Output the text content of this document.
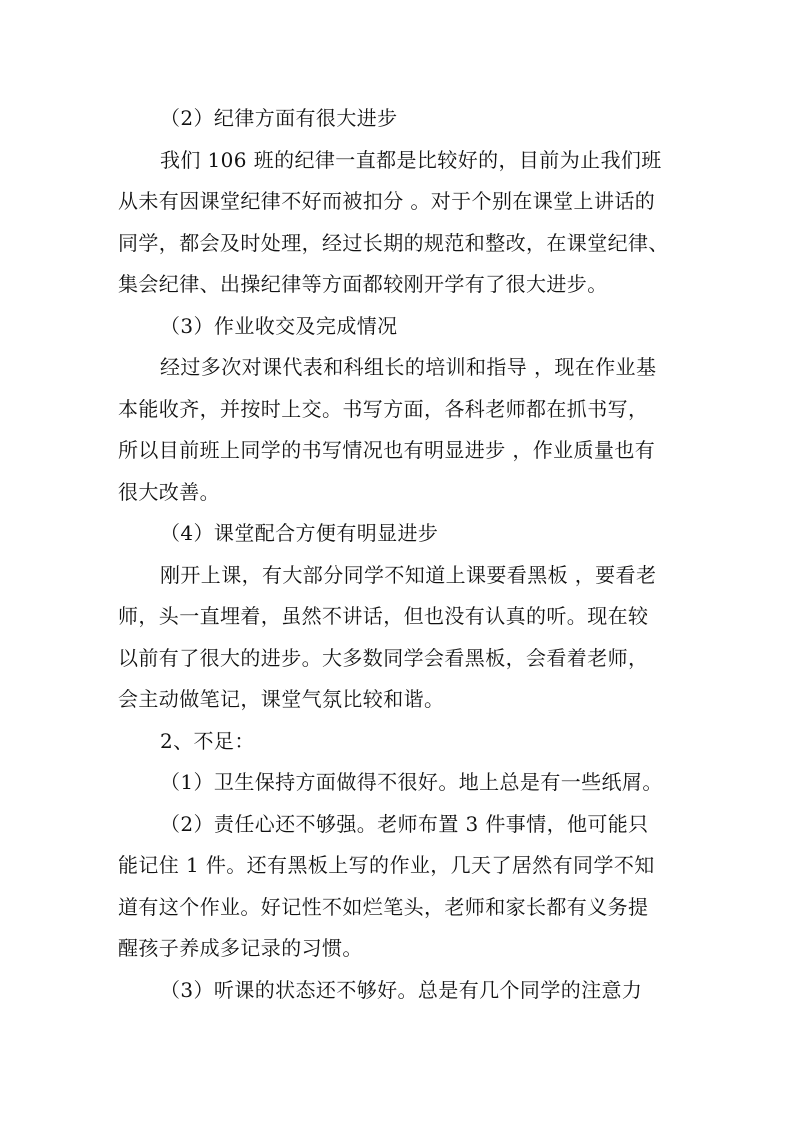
（2）纪律方面有很大进步
我们 106 班的纪律一直都是比较好的，目前为止我们班
从未有因课堂纪律不好而被扣分 。对于个别在课堂上讲话的
同学，都会及时处理，经过长期的规范和整改，在课堂纪律、
集会纪律、出操纪律等方面都较刚开学有了很大进步。
（3）作业收交及完成情况
经过多次对课代表和科组长的培训和指导 ，现在作业基
本能收齐，并按时上交。书写方面，各科老师都在抓书写，
所以目前班上同学的书写情况也有明显进步 ，作业质量也有
很大改善。
（4）课堂配合方便有明显进步
刚开上课，有大部分同学不知道上课要看黑板 ，要看老
师，头一直埋着，虽然不讲话，但也没有认真的听。现在较
以前有了很大的进步。大多数同学会看黑板，会看着老师，
会主动做笔记，课堂气氛比较和谐。
2、不足：
（1）卫生保持方面做得不很好。地上总是有一些纸屑。
（2）责任心还不够强。老师布置 3 件事情，他可能只
能记住 1 件。还有黑板上写的作业，几天了居然有同学不知
道有这个作业。好记性不如烂笔头，老师和家长都有义务提
醒孩子养成多记录的习惯。
（3）听课的状态还不够好。总是有几个同学的注意力
